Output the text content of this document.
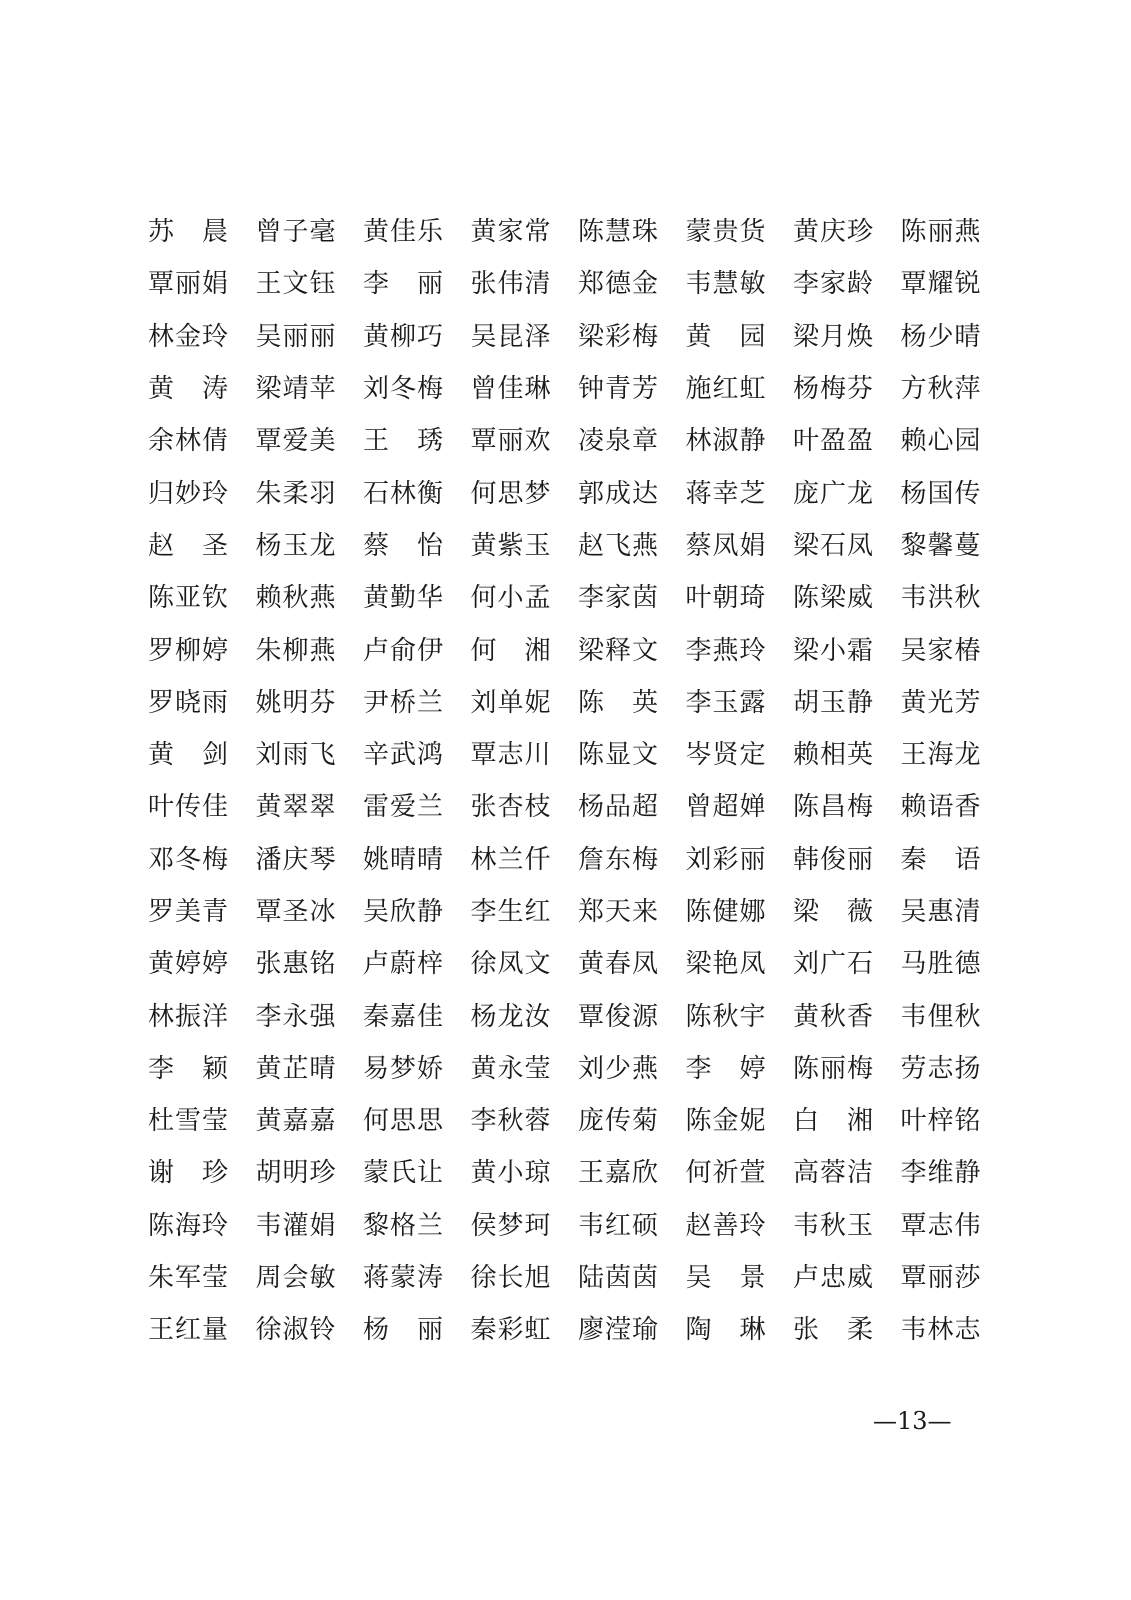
苏　晨	曾子毫	黄佳乐	黄家常	陈慧珠	蒙贵货	黄庆珍	陈丽燕
覃丽娟	王文钰	李　丽	张伟清	郑德金	韦慧敏	李家龄	覃耀锐
林金玲	吴丽丽	黄柳巧	吴昆泽	梁彩梅	黄　园	梁月焕	杨少晴
黄　涛	梁靖苹	刘冬梅	曾佳琳	钟青芳	施红虹	杨梅芬	方秋萍
余林倩	覃爱美	王　琇	覃丽欢	凌泉章	林淑静	叶盈盈	赖心园
归妙玲	朱柔羽	石林衡	何思梦	郭成达	蒋幸芝	庞广龙	杨国传
赵　圣	杨玉龙	蔡　怡	黄紫玉	赵飞燕	蔡凤娟	梁石凤	黎馨蔓
陈亚钦	赖秋燕	黄勤华	何小孟	李家茵	叶朝琦	陈梁威	韦洪秋
罗柳婷	朱柳燕	卢俞伊	何　湘	梁释文	李燕玲	梁小霜	吴家椿
罗晓雨	姚明芬	尹桥兰	刘单妮	陈　英	李玉露	胡玉静	黄光芳
黄　剑	刘雨飞	辛武鸿	覃志川	陈显文	岑贤定	赖相英	王海龙
叶传佳	黄翠翠	雷爱兰	张杏枝	杨品超	曾超婵	陈昌梅	赖语香
邓冬梅	潘庆琴	姚晴晴	林兰仟	詹东梅	刘彩丽	韩俊丽	秦　语
罗美青	覃圣冰	吴欣静	李生红	郑天来	陈健娜	梁　薇	吴惠清
黄婷婷	张惠铭	卢蔚梓	徐凤文	黄春凤	梁艳凤	刘广石	马胜德
林振洋	李永强	秦嘉佳	杨龙汝	覃俊源	陈秋宇	黄秋香	韦俚秋
李　颖	黄芷晴	易梦娇	黄永莹	刘少燕	李　婷	陈丽梅	劳志扬
杜雪莹	黄嘉嘉	何思思	李秋蓉	庞传菊	陈金妮	白　湘	叶梓铭
谢　珍	胡明珍	蒙氏让	黄小琼	王嘉欣	何祈萱	高蓉洁	李维静
陈海玲	韦灌娟	黎格兰	侯梦珂	韦红硕	赵善玲	韦秋玉	覃志伟
朱军莹	周会敏	蒋蒙涛	徐长旭	陆茵茵	吴　景	卢忠威	覃丽莎
王红量	徐淑铃	杨　丽	秦彩虹	廖滢瑜	陶　琳	张　柔	韦林志
—13—
